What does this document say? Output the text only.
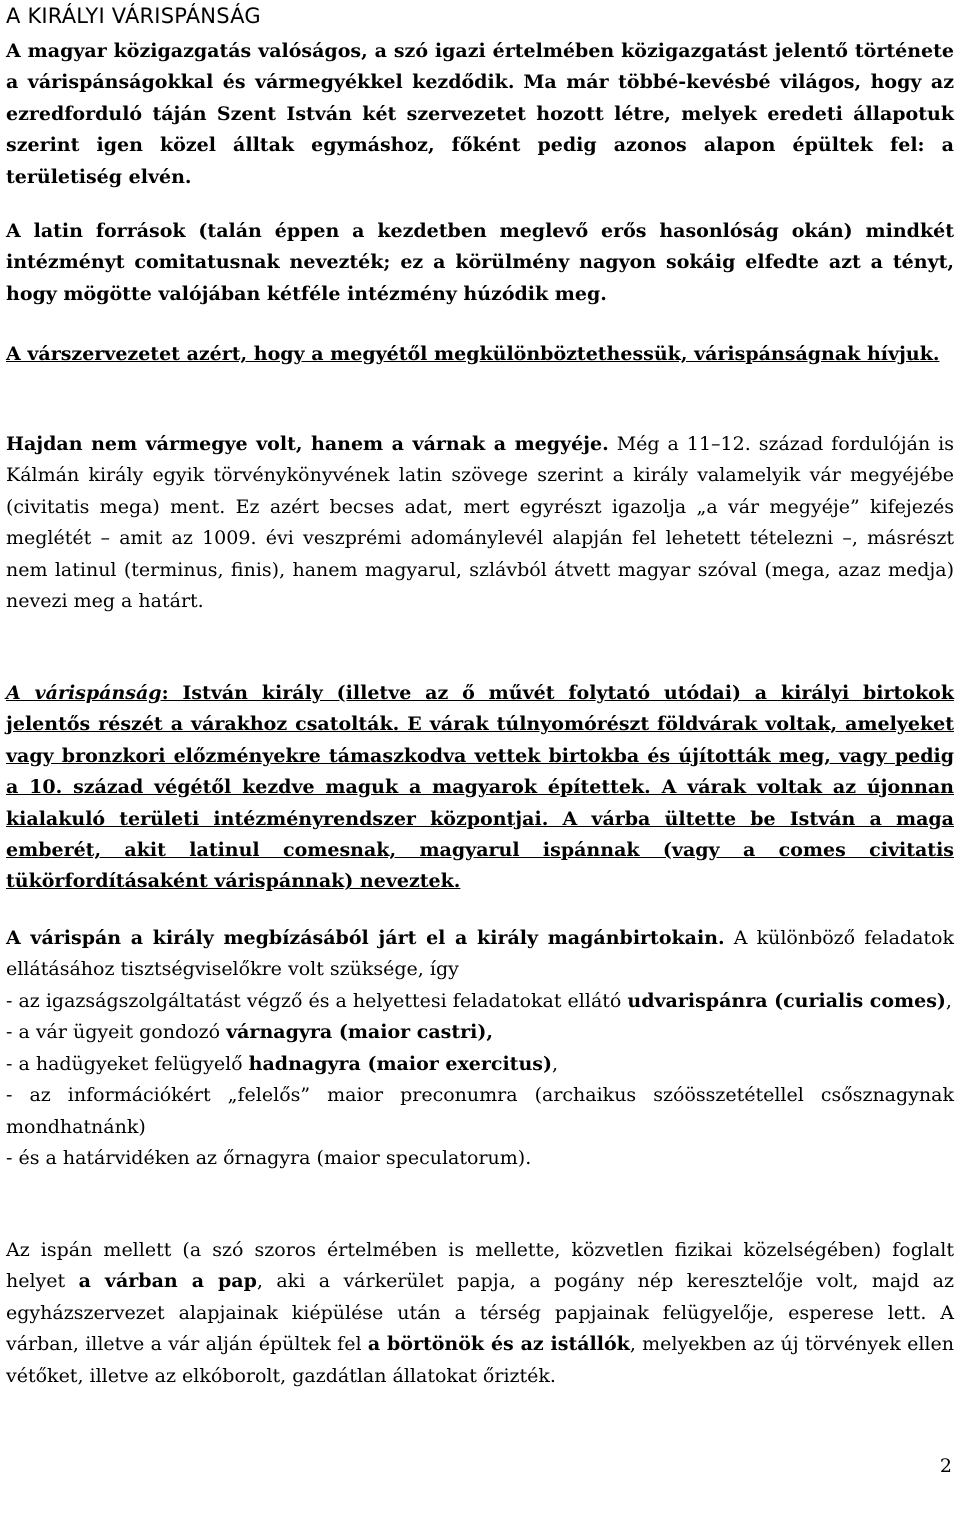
A KIRÁLYI VÁRISPÁNSÁG

A magyar közigazgatás valóságos, a szó igazi értelmében közigazgatást jelentő története a várispánságokkal és vármegyékkel kezdődik. Ma már többé-kevésbé világos, hogy az ezredforduló táján Szent István két szervezetet hozott létre, melyek eredeti állapotuk szerint igen közel álltak egymáshoz, főként pedig azonos alapon épültek fel: a területiség elvén.

A latin források (talán éppen a kezdetben meglevő erős hasonlóság okán) mindkét intézményt comitatusnak nevezték; ez a körülmény nagyon sokáig elfedte azt a tényt, hogy mögötte valójában kétféle intézmény húzódik meg.

A várszervezetet azért, hogy a megyétől megkülönböztethessük, várispánságnak hívjuk.

Hajdan nem vármegye volt, hanem a várnak a megyéje. Még a 11–12. század fordulóján is Kálmán király egyik törvénykönyvének latin szövege szerint a király valamelyik vár megyéjébe (civitatis mega) ment. Ez azért becses adat, mert egyrészt igazolja „a vár megyéje” kifejezés meglétét – amit az 1009. évi veszprémi adománylevél alapján fel lehetett tételezni –, másrészt nem latinul (terminus, finis), hanem magyarul, szlávból átvett magyar szóval (mega, azaz medja) nevezi meg a határt.

A várispánság: István király (illetve az ő művét folytató utódai) a királyi birtokok jelentős részét a várakhoz csatolták. E várak túlnyomórészt földvárak voltak, amelyeket vagy bronzkori előzményekre támaszkodva vettek birtokba és újították meg, vagy pedig a 10. század végétől kezdve maguk a magyarok építettek. A várak voltak az újonnan kialakuló területi intézményrendszer központjai. A várba ültette be István a maga emberét, akit latinul comesnak, magyarul ispánnak (vagy a comes civitatis tükörfordításaként várispánnak) neveztek.

A várispán a király megbízásából járt el a király magánbirtokain. A különböző feladatok ellátásához tisztségviselőkre volt szüksége, így

- az igazságszolgáltatást végző és a helyettesi feladatokat ellátó udvarispánra (curialis comes),
- a vár ügyeit gondozó várnagyra (maior castri),
- a hadügyeket felügyelő hadnagyra (maior exercitus),
- az információkért „felelős” maior preconumra (archaikus szóösszetétellel csősznagynak mondhatnánk)
- és a határvidéken az őrnagyra (maior speculatorum).

Az ispán mellett (a szó szoros értelmében is mellette, közvetlen fizikai közelségében) foglalt helyet a várban a pap, aki a várkerület papja, a pogány nép keresztelője volt, majd az egyházszervezet alapjainak kiépülése után a térség papjainak felügyelője, esperese lett. A várban, illetve a vár alján épültek fel a börtönök és az istállók, melyekben az új törvények ellen vétőket, illetve az elkóborolt, gazdátlan állatokat őrizték.

2
